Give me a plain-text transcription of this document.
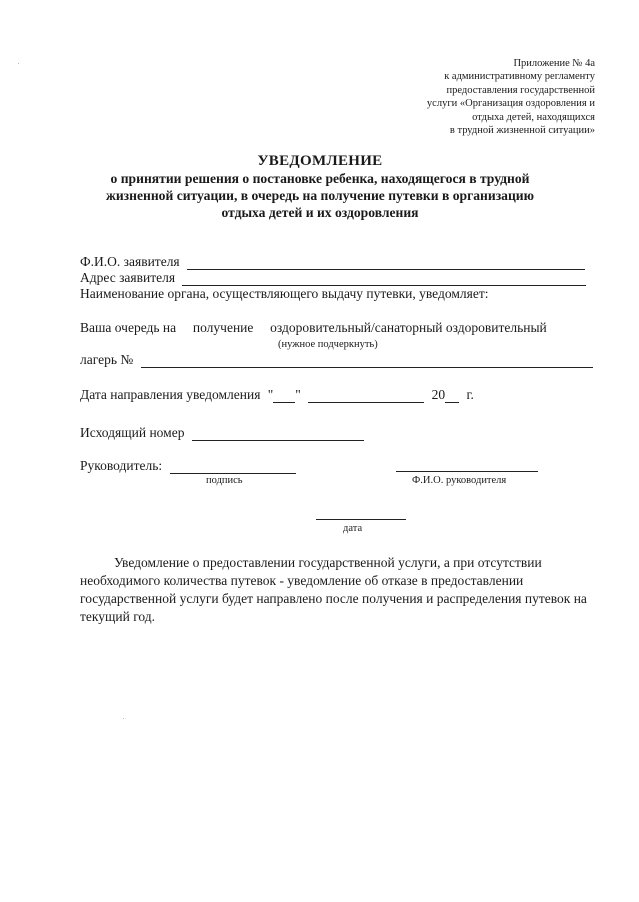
Приложение № 4а
к административному регламенту
предоставления государственной
услуги «Организация оздоровления и
отдыха детей, находящихся
в трудной жизненной ситуации»
УВЕДОМЛЕНИЕ
о принятии решения о постановке ребенка, находящегося в трудной
жизненной ситуации, в очередь на получение путевки в организацию
отдыха детей и их оздоровления
Ф.И.О. заявителя
Адрес заявителя
Наименование органа, осуществляющего выдачу путевки, уведомляет:
Ваша очередь на получение оздоровительный/санаторный оздоровительный
(нужное подчеркнуть)
лагерь №
Дата направления уведомления " "	20 г.
Исходящий номер
Руководитель:
подпись	Ф.И.О. руководителя
дата

Уведомление о предоставлении государственной услуги, а при отсутствии необходимого количества путевок - уведомление об отказе в предоставлении государственной услуги будет направлено после получения и распределения путевок на текущий год.
